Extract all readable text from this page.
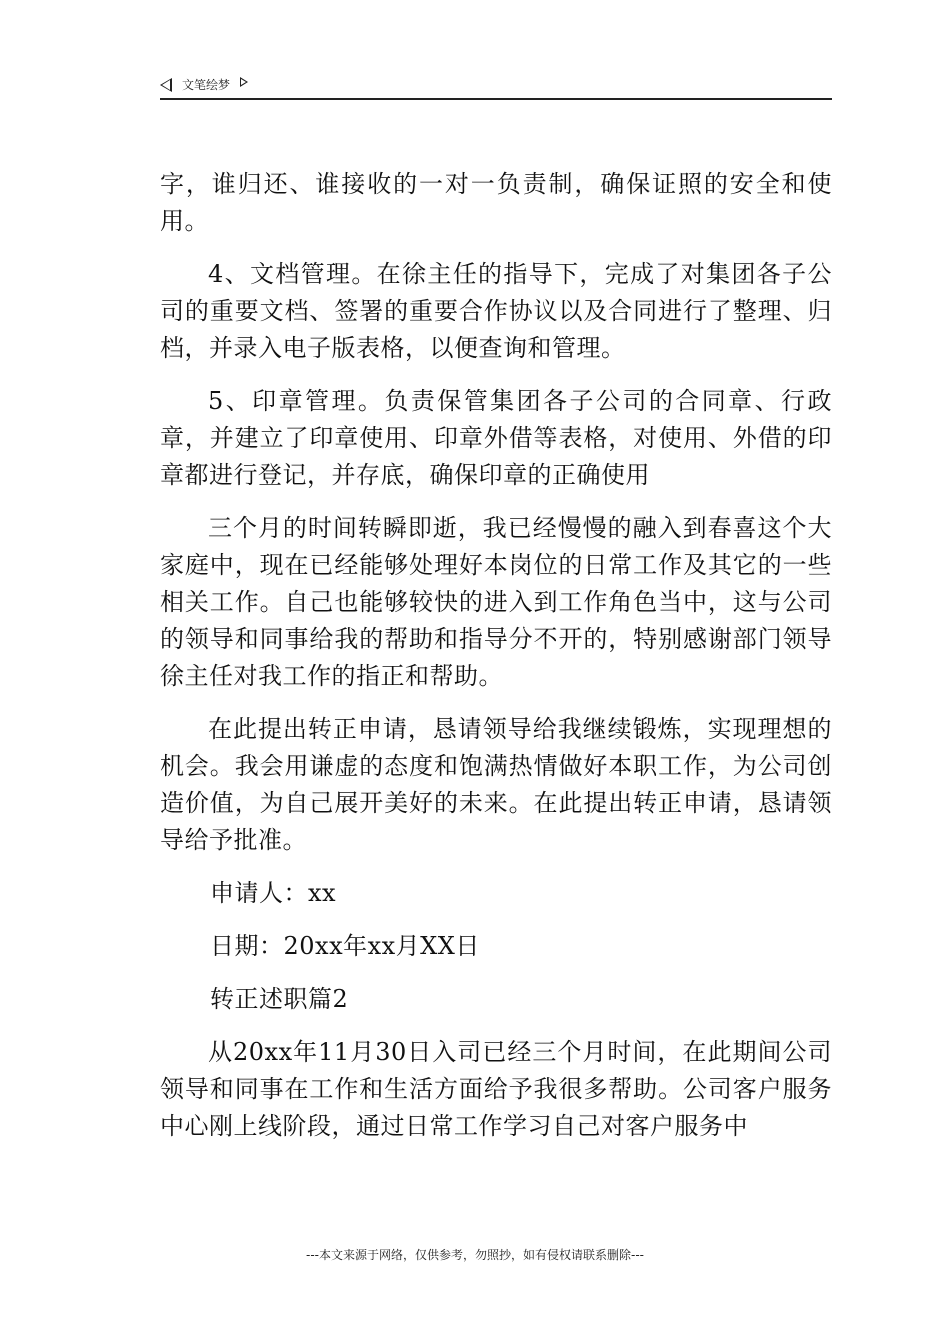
文笔绘梦

字，谁归还、谁接收的一对一负责制，确保证照的安全和使用。

4、文档管理。在徐主任的指导下，完成了对集团各子公司的重要文档、签署的重要合作协议以及合同进行了整理、归档，并录入电子版表格，以便查询和管理。

5、印章管理。负责保管集团各子公司的合同章、行政章，并建立了印章使用、印章外借等表格，对使用、外借的印章都进行登记，并存底，确保印章的正确使用

三个月的时间转瞬即逝，我已经慢慢的融入到春喜这个大家庭中，现在已经能够处理好本岗位的日常工作及其它的一些相关工作。自己也能够较快的进入到工作角色当中，这与公司的领导和同事给我的帮助和指导分不开的，特别感谢部门领导徐主任对我工作的指正和帮助。

在此提出转正申请，恳请领导给我继续锻炼，实现理想的机会。我会用谦虚的态度和饱满热情做好本职工作，为公司创造价值，为自己展开美好的未来。在此提出转正申请，恳请领导给予批准。

申请人：xx

日期：20xx年xx月XX日

转正述职篇2

从20xx年11月30日入司已经三个月时间，在此期间公司领导和同事在工作和生活方面给予我很多帮助。公司客户服务中心刚上线阶段，通过日常工作学习自己对客户服务中

---本文来源于网络，仅供参考，勿照抄，如有侵权请联系删除---
